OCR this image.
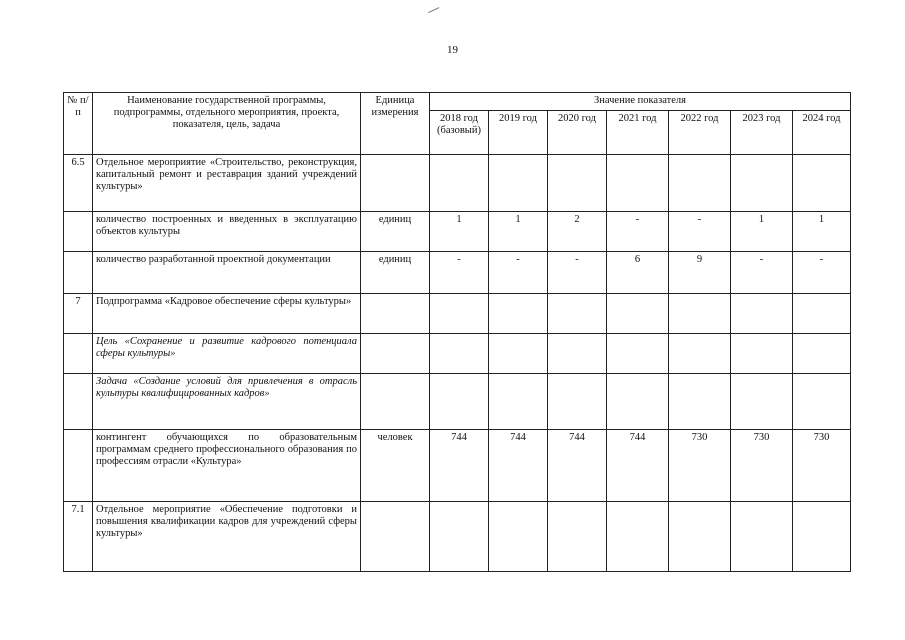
19
№ п/п	Наименование государственной программы, подпрограммы, отдельного мероприятия, проекта, показателя, цель, задача	Единица измерения	Значение показателя						
			2018 год (базовый)	2019 год	2020 год	2021 год	2022 год	2023 год	2024 год
6.5	Отдельное мероприятие «Строительство, реконструкция, капитальный ремонт и реставрация зданий учреждений культуры»								
	количество построенных и введенных в эксплуатацию объектов культуры	единиц	1	1	2	-	-	1	1
	количество разработанной проектной документации	единиц	-	-	-	6	9	-	-
7	Подпрограмма «Кадровое обеспечение сферы культуры»								
	Цель «Сохранение и развитие кадрового потенциала сферы культуры»								
	Задача «Создание условий для привлечения в отрасль культуры квалифицированных кадров»								
	контингент обучающихся по образовательным программам среднего профессионального образования по профессиям отрасли «Культура»	человек	744	744	744	744	730	730	730
7.1	Отдельное мероприятие «Обеспечение подготовки и повышения квалификации кадров для учреждений сферы культуры»								
